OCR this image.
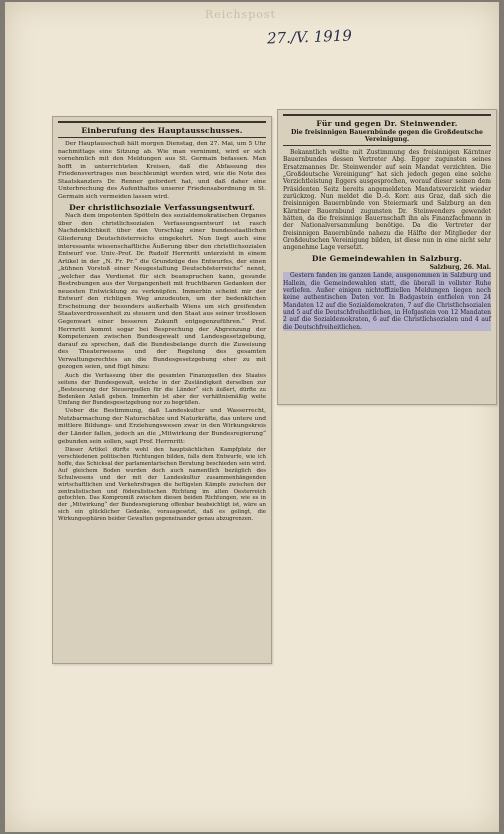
Reichspost
27./V. 1919
Einberufung des Hauptausschusses.

Der Hauptausschuß hält morgen Dienstag, den 27. Mai, um 5 Uhr nachmittags eine Sitzung ab. Wie man vernimmt, wird er sich vornehmlich mit den Meldungen aus St. Germain befassen. Man hofft in unterrichteten Kreisen, daß die Abfassung des Friedensvertrages nun beschleunigt werden wird, wie die Note des Staatskanzlers Dr. Renner gefordert hat, und daß daher eine Unterbrechung des Aufenthaltes unserer Friedensabordnung in St. Germain sich vermeiden lassen wird.

Der christlichsoziale Verfassungsentwurf.

Nach dem impotenten Spötteln des sozialdemokratischen Organes über den christlichsozialen Verfassungsentwurf ist rasch Nachdenklichkeit über den Vorschlag einer bundesstaatlichen Gliederung Deutschösterreichs eingekehrt. Nun liegt auch eine interessante wissenschaftliche Äußerung über den christlichsozialen Entwurf vor. Univ.-Prof. Dr. Rudolf Herrnritt unterzieht in einem Artikel in der „N. Fr. Pr.“ die Grundzüge des Entwurfes, der einen „kühnen Vorstoß einer Neugestaltung Deutschösterreichs“ nennt, „welcher das Verdienst für sich beanspruchen kann, gesunde Bestrebungen aus der Vergangenheit mit fruchtbaren Gedanken der neuesten Entwicklung zu verknüpfen. Immerhin scheint mir der Entwurf den richtigen Weg anzudeuten, um der bedenklichen Erscheinung der besonders außerhalb Wiens um sich greifenden Staatsverdrossenheit zu steuern und den Staat aus seiner trostlosen Gegenwart einer besseren Zukunft entgegenzuführen.“ Prof. Herrnritt kommt sogar bei Besprechung der Abgrenzung der Kompetenzen zwischen Bundesgewalt und Landesgesetzgebung, darauf zu sprechen, daß die Bundesbelange durch die Zuweisung des Theaterwesens und der Regelung des gesamten Verwaltungsrechtes an die Bundesgesetzgebung eher zu mit gezogen seien, und fügt hinzu:

Auch die Verfassung über die gesamten Finanzquellen des Staates seitens der Bundesgewalt, welche in der Zuständigkeit derselben zur „Besteuerung der Steuerquellen für die Länder“ sich äußert, dürfte zu Bedenken Anlaß geben. Immerhin ist aber der verhältnismäßig weite Umfang der Bundesgesetzgebung nur zu begrüßen.

Ueber die Bestimmung, daß Landeskultur und Wasserrecht, Nutzbarmachung der Naturschätze und Naturkräfte, das untere und mittlere Bildungs- und Erziehungswesen zwar in den Wirkungskreis der Länder fallen, jedoch an die „Mitwirkung der Bundesregierung“ gebunden sein sollen, sagt Prof. Herrnritt:

Dieser Artikel dürfte wohl den hauptsächlichen Kampfplatz der verschiedenen politischen Richtungen bilden, falls dem Entwurfe, wie ich hoffe, das Schicksal der parlamentarischen Beratung beschieden sein wird. Auf gleichem Boden wurden doch auch namentlich bezüglich des Schulwesens und der mit der Landeskultur zusammenhängenden wirtschaftlichen und Verkehrsfragen die heftigsten Kämpfe zwischen der zentralistischen und föderalistischen Richtung im alten Oesterreich gefochten. Das Kompromiß zwischen diesen beiden Richtungen, wie es in der „Mitwirkung“ der Bundesregierung offenbar beabsichtigt ist, wäre an sich ein glücklicher Gedanke, vorausgesetzt, daß es gelingt, die Wirkungssphären beider Gewalten gegeneinander genau abzugrenzen.

Für und gegen Dr. Steinwender.
Die freisinnigen Bauernbünde gegen die Großdeutsche Vereinigung.

Bekanntlich wollte mit Zustimmung des freisinnigen Kärntner Bauernbundes dessen Vertreter Abg. Egger zugunsten seines Ersatzmannes Dr. Steinwender auf sein Mandat verzichten. Die „Großdeutsche Vereinigung“ hat sich jedoch gegen eine solche Verzichtleistung Eggers ausgesprochen, worauf dieser seinen dem Präsidenten Seitz bereits angemeldeten Mandatsverzicht wieder zurückzog. Nun meldet die D.-ö. Korr. aus Graz, daß sich die freisinnigen Bauernbünde von Steiermark und Salzburg an den Kärntner Bauernbund zugunsten Dr. Steinwenders gewendet hätten, da die freisinnige Bauernschaft ihn als Finanzfachmann in der Nationalversammlung benötige. Da die Vertreter der freisinnigen Bauernbünde nahezu die Hälfte der Mitglieder der Großdeutschen Vereinigung bilden, ist diese nun in eine nicht sehr angenehme Lage versetzt.

Die Gemeindewahlen in Salzburg.

Salzburg, 26. Mai.

Gestern fanden im ganzen Lande, ausgenommen in Salzburg und Hallein, die Gemeindewahlen statt, die überall in vollster Ruhe verliefen. Außer einigen nichtoffiziellen Meldungen liegen noch keine authentischen Daten vor. In Badgastein entfielen von 24 Mandaten 12 auf die Sozialdemokraten, 7 auf die Christlichsozialen und 5 auf die Deutschfreiheitlichen, in Hofgastein von 12 Mandaten 2 auf die Sozialdemokraten, 6 auf die Christlichsozialen und 4 auf die Deutschfreiheitlichen.
